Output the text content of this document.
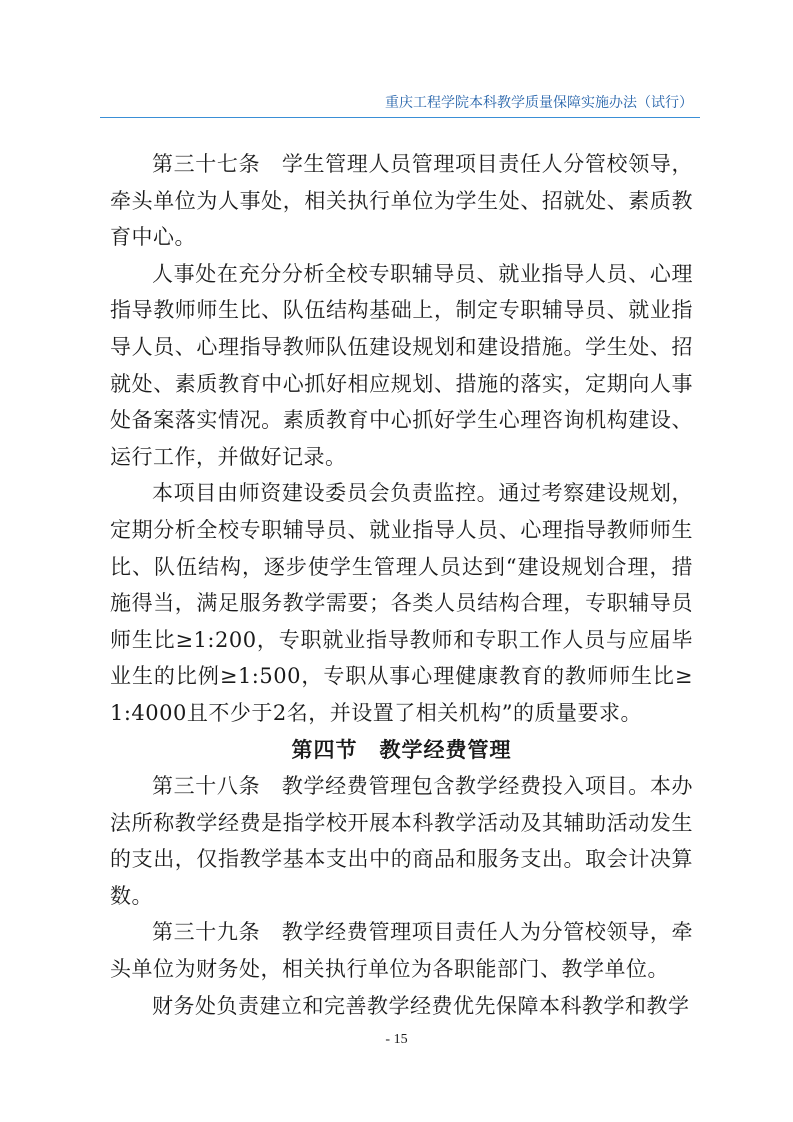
重庆工程学院本科教学质量保障实施办法（试行）

第三十七条　学生管理人员管理项目责任人分管校领导，牵头单位为人事处，相关执行单位为学生处、招就处、素质教育中心。

人事处在充分分析全校专职辅导员、就业指导人员、心理指导教师师生比、队伍结构基础上，制定专职辅导员、就业指导人员、心理指导教师队伍建设规划和建设措施。学生处、招就处、素质教育中心抓好相应规划、措施的落实，定期向人事处备案落实情况。素质教育中心抓好学生心理咨询机构建设、运行工作，并做好记录。

本项目由师资建设委员会负责监控。通过考察建设规划，定期分析全校专职辅导员、就业指导人员、心理指导教师师生比、队伍结构，逐步使学生管理人员达到“建设规划合理，措施得当，满足服务教学需要；各类人员结构合理，专职辅导员师生比≥1:200，专职就业指导教师和专职工作人员与应届毕业生的比例≥1:500，专职从事心理健康教育的教师师生比≥1:4000且不少于2名，并设置了相关机构”的质量要求。

第四节　教学经费管理

第三十八条　教学经费管理包含教学经费投入项目。本办法所称教学经费是指学校开展本科教学活动及其辅助活动发生的支出，仅指教学基本支出中的商品和服务支出。取会计决算数。

第三十九条　教学经费管理项目责任人为分管校领导，牵头单位为财务处，相关执行单位为各职能部门、教学单位。

财务处负责建立和完善教学经费优先保障本科教学和教学

- 15
